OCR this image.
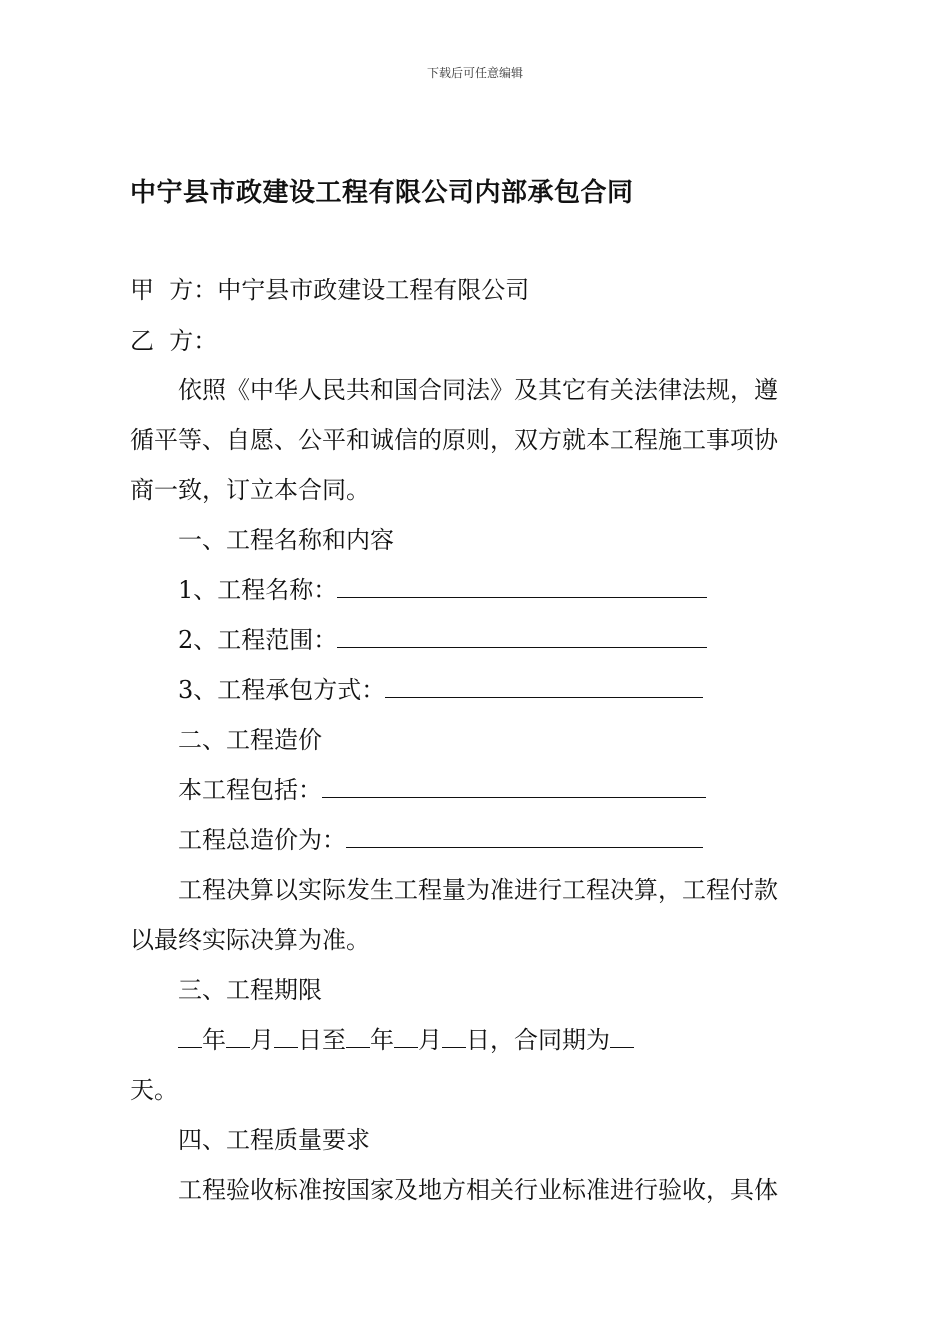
下载后可任意编辑
中宁县市政建设工程有限公司内部承包合同
甲  方：中宁县市政建设工程有限公司
乙  方：
依照《中华人民共和国合同法》及其它有关法律法规，遵
循平等、自愿、公平和诚信的原则，双方就本工程施工事项协
商一致，订立本合同。
一、工程名称和内容
1、工程名称：
2、工程范围：
3、工程承包方式：
二、工程造价
本工程包括：
工程总造价为：
工程决算以实际发生工程量为准进行工程决算，工程付款
以最终实际决算为准。
三、工程期限
年 月 日至 年 月 日，合同期为
天。
四、工程质量要求
工程验收标准按国家及地方相关行业标准进行验收，具体
